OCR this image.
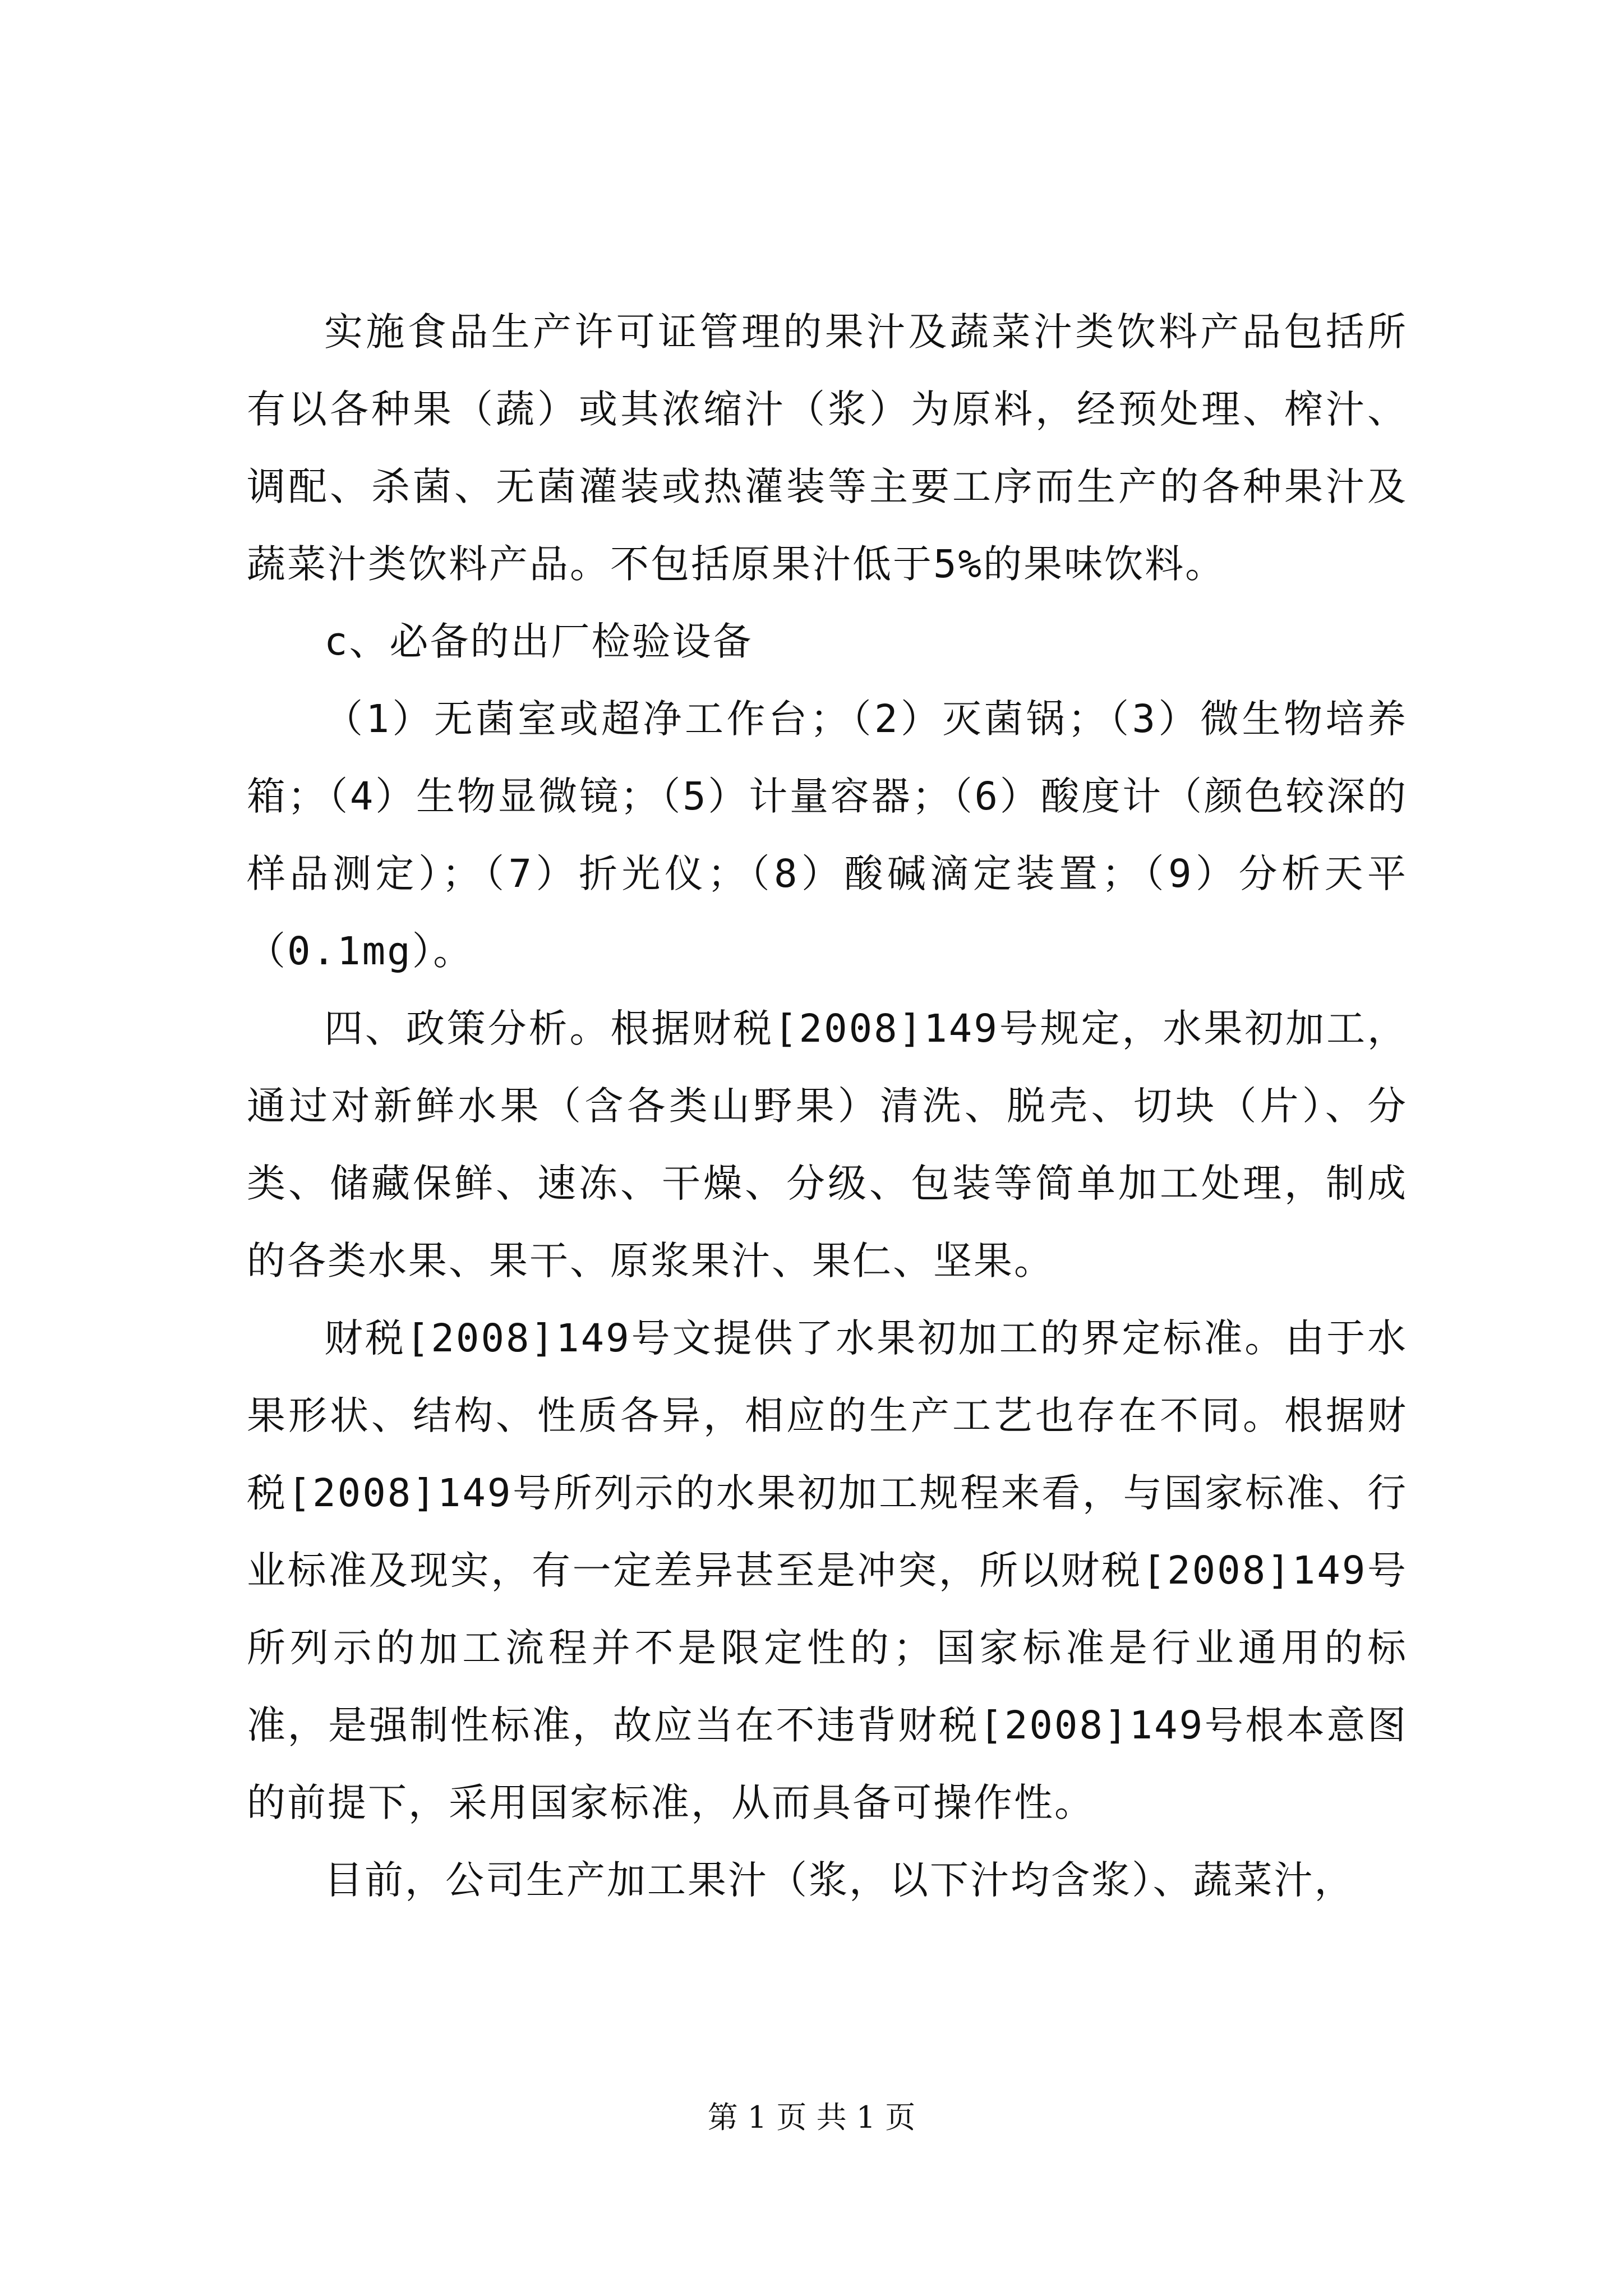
实施食品生产许可证管理的果汁及蔬菜汁类饮料产品包括所有以各种果（蔬）或其浓缩汁（浆）为原料，经预处理、榨汁、调配、杀菌、无菌灌装或热灌装等主要工序而生产的各种果汁及蔬菜汁类饮料产品。不包括原果汁低于5%的果味饮料。

c、必备的出厂检验设备

（1）无菌室或超净工作台；（2）灭菌锅；（3）微生物培养箱；（4）生物显微镜；（5）计量容器；（6）酸度计（颜色较深的样品测定）；（7）折光仪；（8）酸碱滴定装置；（9）分析天平（0.1mg）。

四、政策分析。根据财税[2008]149号规定，水果初加工，通过对新鲜水果（含各类山野果）清洗、脱壳、切块（片）、分类、储藏保鲜、速冻、干燥、分级、包装等简单加工处理，制成的各类水果、果干、原浆果汁、果仁、坚果。

财税[2008]149号文提供了水果初加工的界定标准。由于水果形状、结构、性质各异，相应的生产工艺也存在不同。根据财税[2008]149号所列示的水果初加工规程来看，与国家标准、行业标准及现实，有一定差异甚至是冲突，所以财税[2008]149号所列示的加工流程并不是限定性的；国家标准是行业通用的标准，是强制性标准，故应当在不违背财税[2008]149号根本意图的前提下，采用国家标准，从而具备可操作性。

目前，公司生产加工果汁（浆，以下汁均含浆）、蔬菜汁，

第 1 页 共 1 页
